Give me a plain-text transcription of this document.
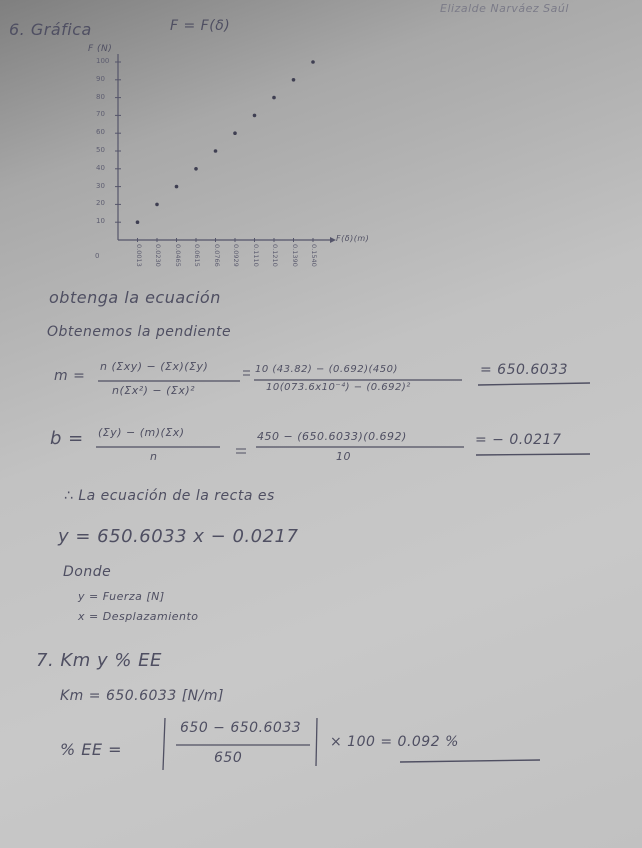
6. Gráfica	F = F(δ)
Elizalde Narváez Saúl
F (N)
F(δ)(m)
0
100
90
80
70
60
50
40
30
20
10
0.0013 0.0230 0.0465 0.0615 0.0766 0.0929 0.1110 0.1210 0.1390 0.1540
obtenga la ecuación
Obtenemos la pendiente
m =
n (Σxy) − (Σx)(Σy)
n(Σx²) − (Σx)²
10 (43.82) − (0.692)(450)
10(073.6x10⁻⁴) − (0.692)²
= 650.6033
b = (Σy) − (m)(Σx)
n
450 − (650.6033)(0.692)
10
= − 0.0217
∴ La ecuación de la recta es
y = 650.6033 x − 0.0217
Donde
y = Fuerza [N]
x = Desplazamiento
7. Km y % EE
Km = 650.6033 [N/m]
% EE =
650 − 650.6033
650
× 100 = 0.092 %
